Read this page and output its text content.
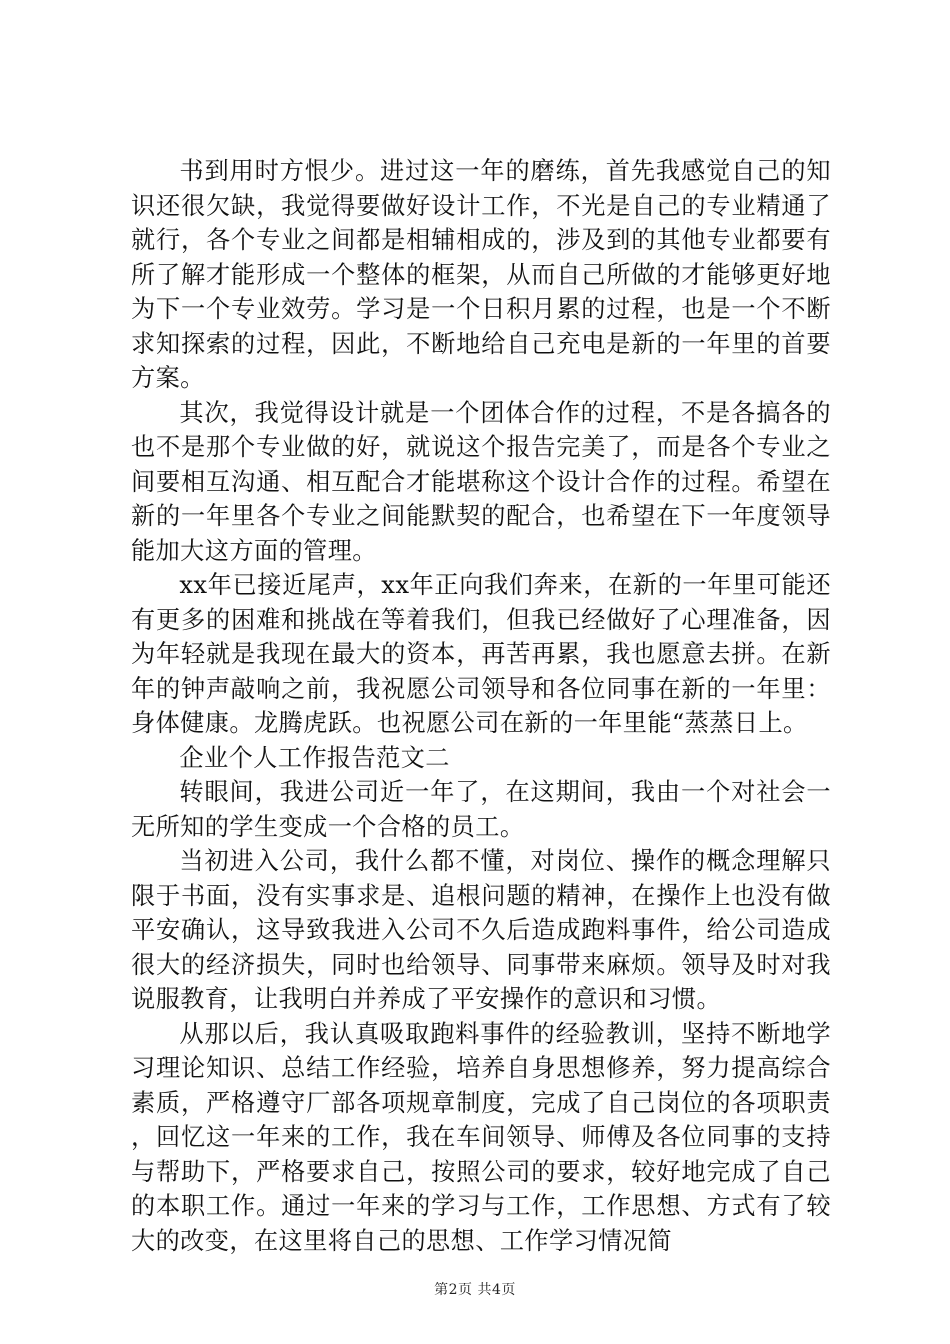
书到用时方恨少。进过这一年的磨练，首先我感觉自己的知识还很欠缺，我觉得要做好设计工作，不光是自己的专业精通了就行，各个专业之间都是相辅相成的，涉及到的其他专业都要有所了解才能形成一个整体的框架，从而自己所做的才能够更好地为下一个专业效劳。学习是一个日积月累的过程，也是一个不断求知探索的过程，因此，不断地给自己充电是新的一年里的首要方案。

其次，我觉得设计就是一个团体合作的过程，不是各搞各的也不是那个专业做的好，就说这个报告完美了，而是各个专业之间要相互沟通、相互配合才能堪称这个设计合作的过程。希望在新的一年里各个专业之间能默契的配合，也希望在下一年度领导能加大这方面的管理。

xx年已接近尾声，xx年正向我们奔来，在新的一年里可能还有更多的困难和挑战在等着我们，但我已经做好了心理准备，因为年轻就是我现在最大的资本，再苦再累，我也愿意去拼。在新年的钟声敲响之前，我祝愿公司领导和各位同事在新的一年里：身体健康。龙腾虎跃。也祝愿公司在新的一年里能“蒸蒸日上。

企业个人工作报告范文二

转眼间，我进公司近一年了，在这期间，我由一个对社会一无所知的学生变成一个合格的员工。

当初进入公司，我什么都不懂，对岗位、操作的概念理解只限于书面，没有实事求是、追根问题的精神，在操作上也没有做平安确认，这导致我进入公司不久后造成跑料事件，给公司造成很大的经济损失，同时也给领导、同事带来麻烦。领导及时对我说服教育，让我明白并养成了平安操作的意识和习惯。

从那以后，我认真吸取跑料事件的经验教训，坚持不断地学习理论知识、总结工作经验，培养自身思想修养，努力提高综合素质，严格遵守厂部各项规章制度，完成了自己岗位的各项职责，回忆这一年来的工作，我在车间领导、师傅及各位同事的支持与帮助下，严格要求自己，按照公司的要求，较好地完成了自己的本职工作。通过一年来的学习与工作，工作思想、方式有了较大的改变，在这里将自己的思想、工作学习情况简

第2页 共4页
